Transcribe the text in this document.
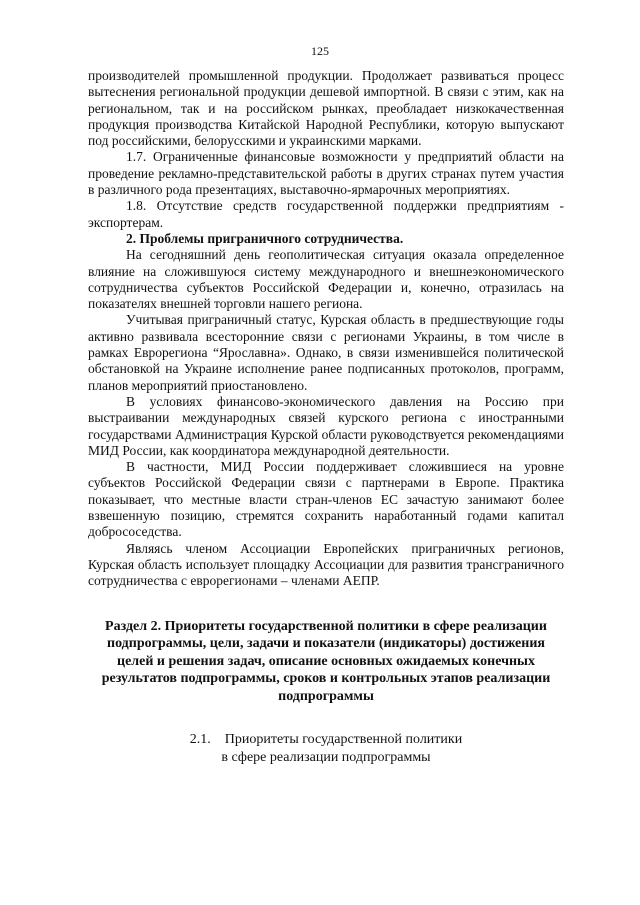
125

производителей промышленной продукции. Продолжает развиваться процесс вытеснения региональной продукции дешевой импортной. В связи с этим, как на региональном, так и на российском рынках, преобладает низкокачественная продукция производства Китайской Народной Республики, которую выпускают под российскими, белорусскими и украинскими марками.

1.7. Ограниченные финансовые возможности у предприятий области на проведение рекламно-представительской работы в других странах путем участия в различного рода презентациях, выставочно-ярмарочных мероприятиях.

1.8. Отсутствие средств государственной поддержки предприятиям - экспортерам.

2. Проблемы приграничного сотрудничества.

На сегодняшний день геополитическая ситуация оказала определенное влияние на сложившуюся систему международного и внешнеэкономического сотрудничества субъектов Российской Федерации и, конечно, отразилась на показателях внешней торговли нашего региона.

Учитывая приграничный статус, Курская область в предшествующие годы активно развивала всесторонние связи с регионами Украины, в том числе в рамках Еврорегиона “Ярославна». Однако, в связи изменившейся политической обстановкой на Украине исполнение ранее подписанных протоколов, программ, планов мероприятий приостановлено.

В условиях финансово-экономического давления на Россию при выстраивании международных связей курского региона с иностранными государствами Администрация Курской области руководствуется рекомендациями МИД России, как координатора международной деятельности.

В частности, МИД России поддерживает сложившиеся на уровне субъектов Российской Федерации связи с партнерами в Европе. Практика показывает, что местные власти стран-членов ЕС зачастую занимают более взвешенную позицию, стремятся сохранить наработанный годами капитал добрососедства.

Являясь членом Ассоциации Европейских приграничных регионов, Курская область использует площадку Ассоциации для развития трансграничного сотрудничества с еврорегионами – членами АЕПР.

Раздел 2. Приоритеты государственной политики в сфере реализации подпрограммы, цели, задачи и показатели (индикаторы) достижения целей и решения задач, описание основных ожидаемых конечных результатов подпрограммы, сроков и контрольных этапов реализации подпрограммы
2.1.    Приоритеты государственной политики
в сфере реализации подпрограммы
